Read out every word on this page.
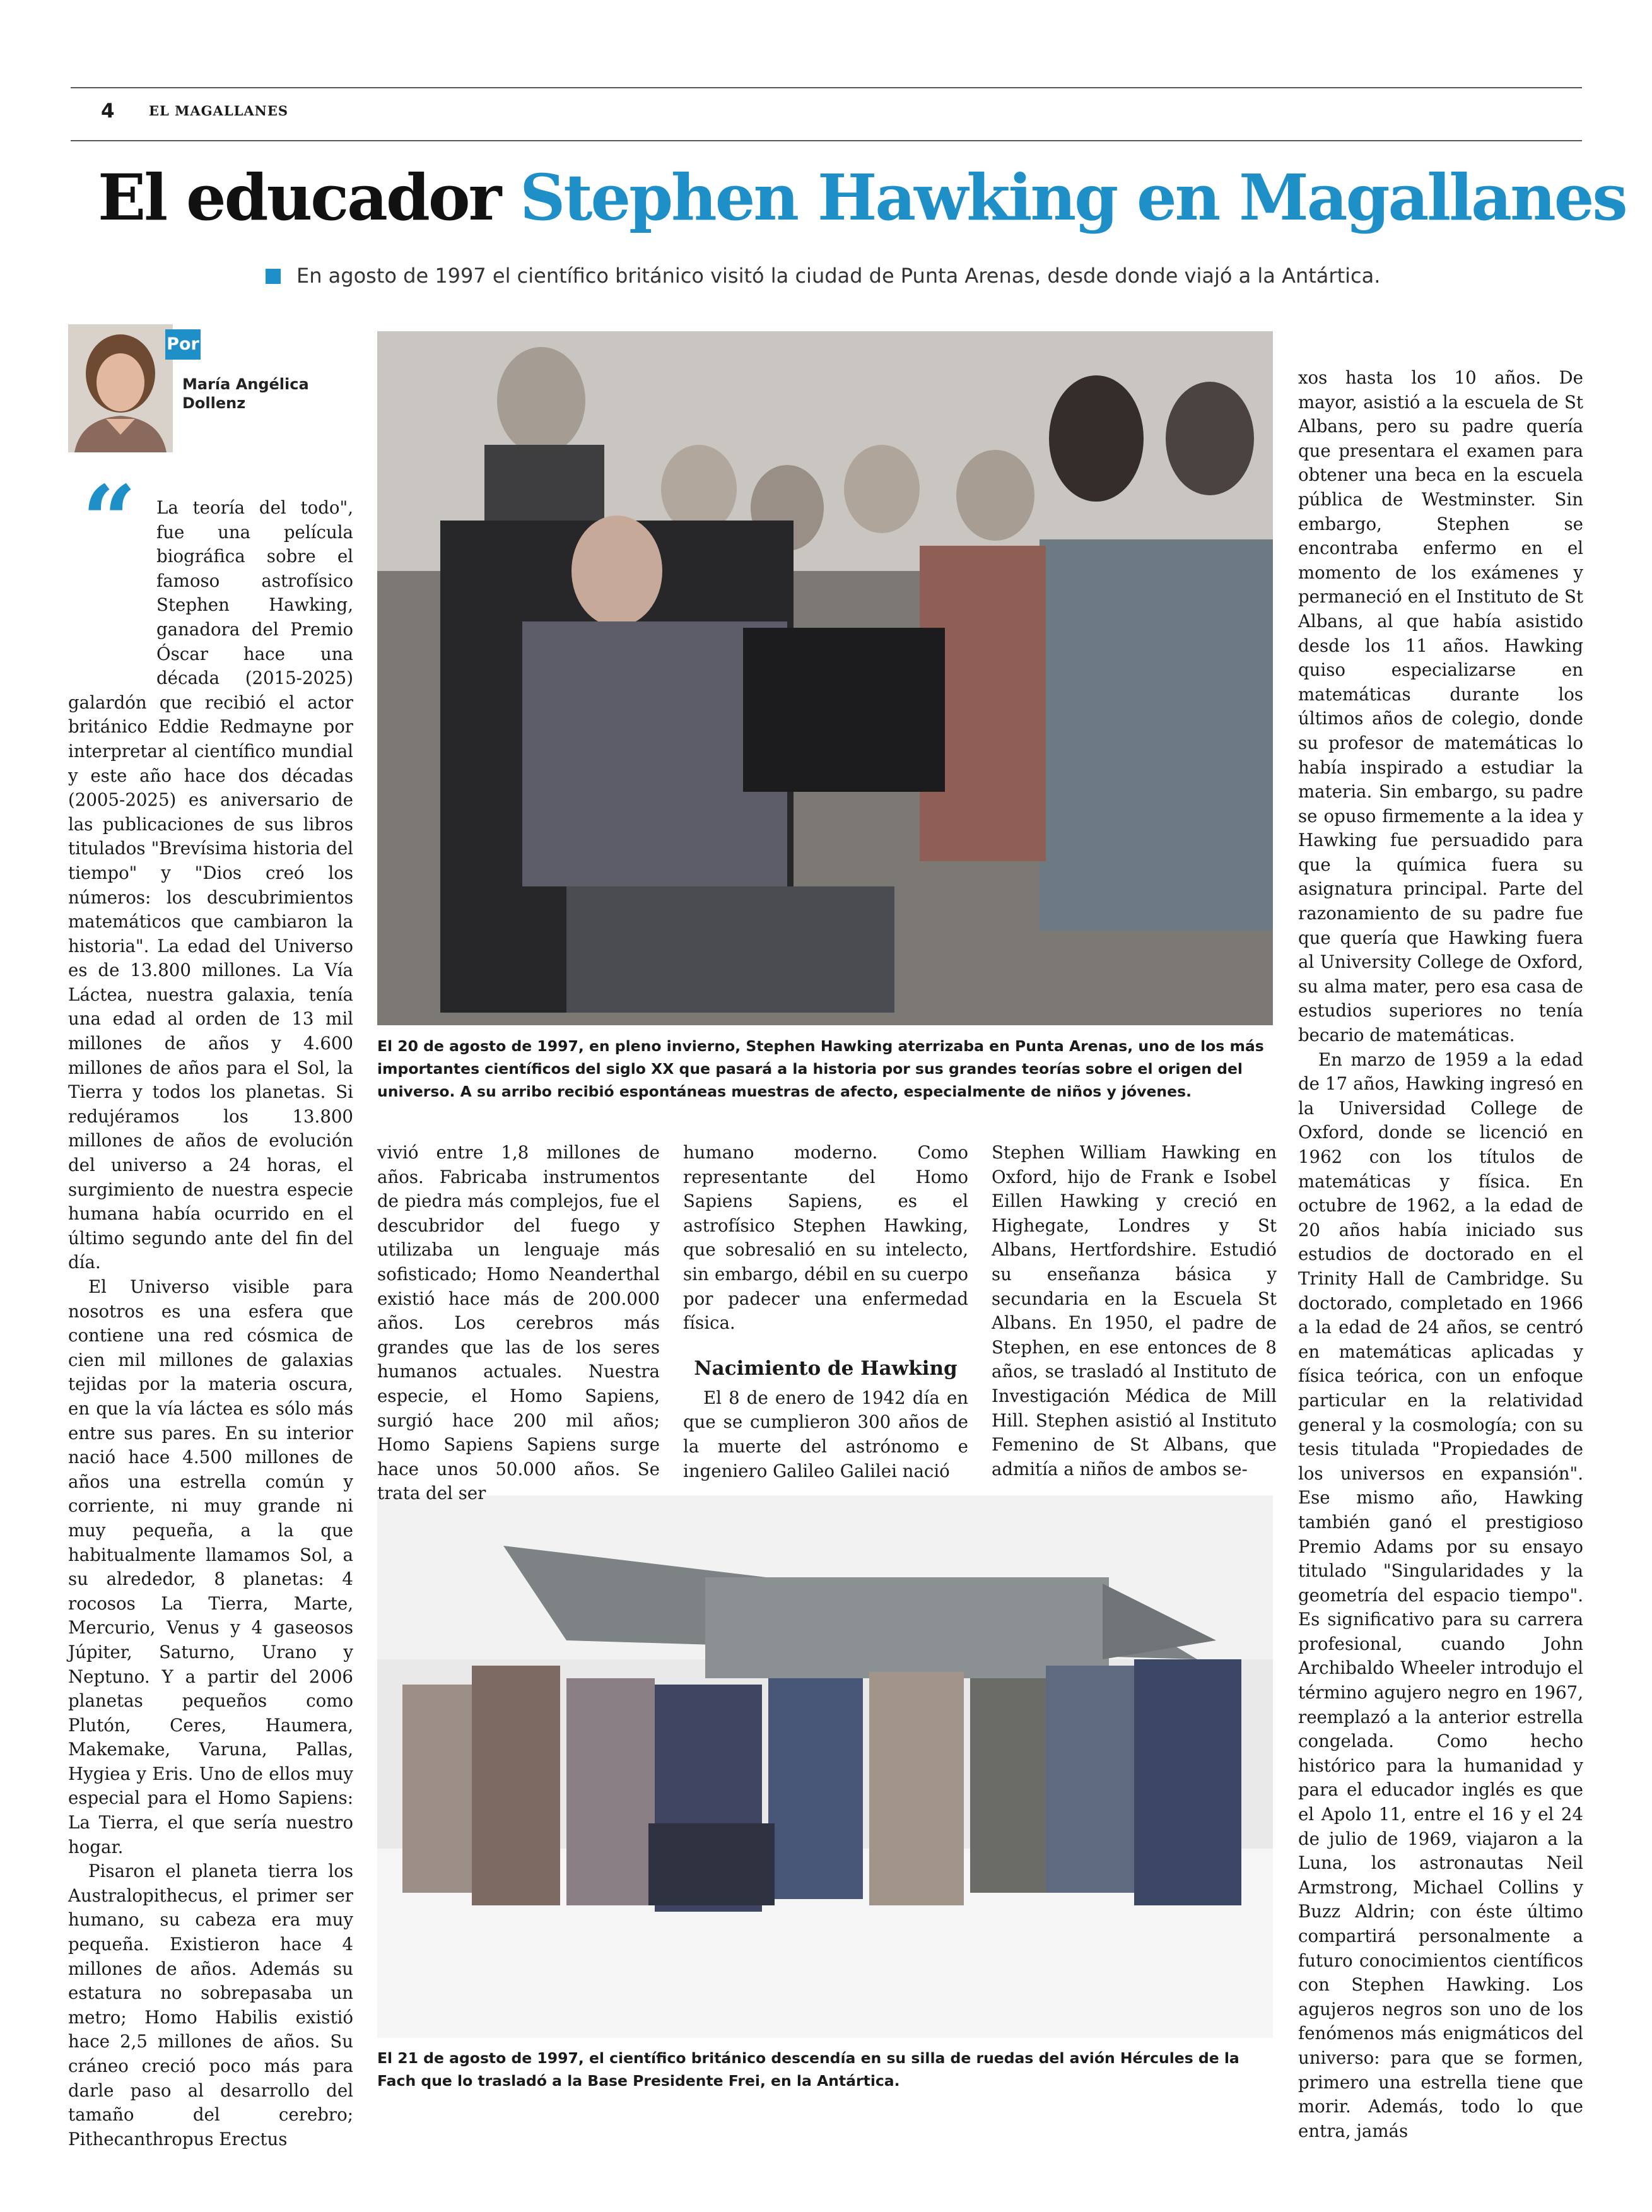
4	EL MAGALLANES
El educador Stephen Hawking en Magallanes
En agosto de 1997 el científico británico visitó la ciudad de Punta Arenas, desde donde viajó a la Antártica.
Por
María Angélica Dollenz
El 20 de agosto de 1997, en pleno invierno, Stephen Hawking aterrizaba en Punta Arenas, uno de los más importantes científicos del siglo XX que pasará a la historia por sus grandes teorías sobre el origen del universo. A su arribo recibió espontáneas muestras de afecto, especialmente de niños y jóvenes.
El 21 de agosto de 1997, el científico británico descendía en su silla de ruedas del avión Hércules de la Fach que lo trasladó a la Base Presidente Frei, en la Antártica.
“	La teoría del todo", fue una película biográfica sobre el famoso astrofísico Stephen Hawking, ganadora del Premio Óscar hace una década (2015-2025) galardón que recibió el actor británico Eddie Redmayne por interpretar al científico mundial y este año hace dos décadas (2005-2025) es aniversario de las publicaciones de sus libros titulados "Brevísima historia del tiempo" y "Dios creó los números: los descubrimientos matemáticos que cambiaron la historia". La edad del Universo es de 13.800 millones. La Vía Láctea, nuestra galaxia, tenía una edad al orden de 13 mil millones de años y 4.600 millones de años para el Sol, la Tierra y todos los planetas. Si redujéramos los 13.800 millones de años de evolución del universo a 24 horas, el surgimiento de nuestra especie humana había ocurrido en el último segundo ante del fin del día.

El Universo visible para nosotros es una esfera que contiene una red cósmica de cien mil millones de galaxias tejidas por la materia oscura, en que la vía láctea es sólo más entre sus pares. En su interior nació hace 4.500 millones de años una estrella común y corriente, ni muy grande ni muy pequeña, a la que habitualmente llamamos Sol, a su alrededor, 8 planetas: 4 rocosos La Tierra, Marte, Mercurio, Venus y 4 gaseosos Júpiter, Saturno, Urano y Neptuno. Y a partir del 2006 planetas pequeños como Plutón, Ceres, Haumera, Makemake, Varuna, Pallas, Hygiea y Eris. Uno de ellos muy especial para el Homo Sapiens: La Tierra, el que sería nuestro hogar.

Pisaron el planeta tierra los Australopithecus, el primer ser humano, su cabeza era muy pequeña. Existieron hace 4 millones de años. Además su estatura no sobrepasaba un metro; Homo Habilis existió hace 2,5 millones de años. Su cráneo creció poco más para darle paso al desarrollo del tamaño del cerebro; Pithecanthropus Erectus

vivió entre 1,8 millones de años. Fabricaba instrumentos de piedra más complejos, fue el descubridor del fuego y utilizaba un lenguaje más sofisticado; Homo Neanderthal existió hace más de 200.000 años. Los cerebros más grandes que las de los seres humanos actuales. Nuestra especie, el Homo Sapiens, surgió hace 200 mil años; Homo Sapiens Sapiens surge hace unos 50.000 años. Se trata del ser

humano moderno. Como representante del Homo Sapiens Sapiens, es el astrofísico Stephen Hawking, que sobresalió en su intelecto, sin embargo, débil en su cuerpo por padecer una enfermedad física.

Nacimiento de Hawking

El 8 de enero de 1942 día en que se cumplieron 300 años de la muerte del astrónomo e ingeniero Galileo Galilei nació

Stephen William Hawking en Oxford, hijo de Frank e Isobel Eillen Hawking y creció en Highegate, Londres y St Albans, Hertfordshire. Estudió su enseñanza básica y secundaria en la Escuela St Albans. En 1950, el padre de Stephen, en ese entonces de 8 años, se trasladó al Instituto de Investigación Médica de Mill Hill. Stephen asistió al Instituto Femenino de St Albans, que admitía a niños de ambos se-

xos hasta los 10 años. De mayor, asistió a la escuela de St Albans, pero su padre quería que presentara el examen para obtener una beca en la escuela pública de Westminster. Sin embargo, Stephen se encontraba enfermo en el momento de los exámenes y permaneció en el Instituto de St Albans, al que había asistido desde los 11 años. Hawking quiso especializarse en matemáticas durante los últimos años de colegio, donde su profesor de matemáticas lo había inspirado a estudiar la materia. Sin embargo, su padre se opuso firmemente a la idea y Hawking fue persuadido para que la química fuera su asignatura principal. Parte del razonamiento de su padre fue que quería que Hawking fuera al University College de Oxford, su alma mater, pero esa casa de estudios superiores no tenía becario de matemáticas.

En marzo de 1959 a la edad de 17 años, Hawking ingresó en la Universidad College de Oxford, donde se licenció en 1962 con los títulos de matemáticas y física. En octubre de 1962, a la edad de 20 años había iniciado sus estudios de doctorado en el Trinity Hall de Cambridge. Su doctorado, completado en 1966 a la edad de 24 años, se centró en matemáticas aplicadas y física teórica, con un enfoque particular en la relatividad general y la cosmología; con su tesis titulada "Propiedades de los universos en expansión". Ese mismo año, Hawking también ganó el prestigioso Premio Adams por su ensayo titulado "Singularidades y la geometría del espacio tiempo". Es significativo para su carrera profesional, cuando John Archibaldo Wheeler introdujo el término agujero negro en 1967, reemplazó a la anterior estrella congelada. Como hecho histórico para la humanidad y para el educador inglés es que el Apolo 11, entre el 16 y el 24 de julio de 1969, viajaron a la Luna, los astronautas Neil Armstrong, Michael Collins y Buzz Aldrin; con éste último compartirá personalmente a futuro conocimientos científicos con Stephen Hawking. Los agujeros negros son uno de los fenómenos más enigmáticos del universo: para que se formen, primero una estrella tiene que morir. Además, todo lo que entra, jamás
